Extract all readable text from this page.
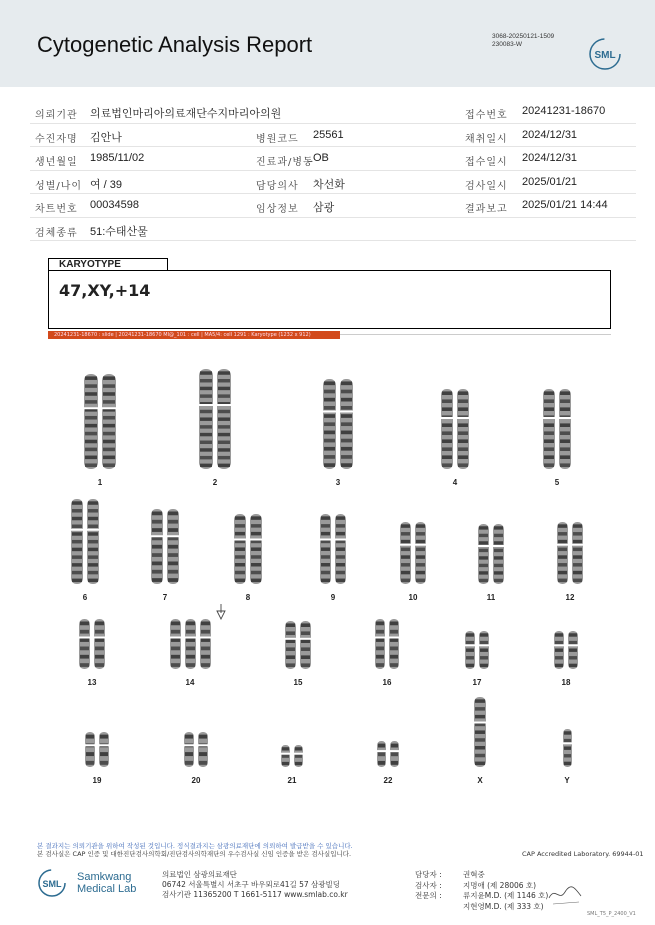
Cytogenetic Analysis Report	3068-20250121-1509
230083-W
SML
의뢰기관 의료법인마리아의료재단수지마리아의원	접수번호 20241231-18670
수진자명 김안나	병원코드 25561	채취일시 2024/12/31
생년월일 1985/11/02	진료과/병동 OB	접수일시 2024/12/31
성별/나이 여 / 39	담당의사 차선화	검사일시 2025/01/21
차트번호 00034598	임상정보 삼광	결과보고 2025/01/21 14:44
검체종류 51:수태산물
KARYOTYPE
47,XY,+14
20241231-18670 : slide | 20241231-18670 MI@_101 : cell | MA5/4: cell 1291 : Karyotype (1232 x 912)
1	2	3	4	5
6	7	8	9	10	11	12
13	14	15	16	17	18
19	20	21	22	X	Y
본 결과지는 의뢰기관을 위하여 작성된 것입니다. 정식결과지는 삼광의료재단에 의뢰하여 발급받을 수 있습니다.
본 검사실은 CAP 인증 및 대한진단검사의학회/진단검사의학재단의 우수검사실 신임 인증을 받은 검사실입니다.	CAP Accredited Laboratory. 69944-01
SML
Samkwang
Medical Lab
의료법인 삼광의료재단
06742 서울특별시 서초구 바우뫼로41길 57 삼광빌딩
검사기관 11365200 T 1661-5117 www.smlab.co.kr
담당자 :	권혁중
검사자 :	지명애 (제 28006 호)
전문의 :	류지윤M.D. (제 1146 호)
지현영M.D. (제 333 호)
SML_T5_P_2400_V1
